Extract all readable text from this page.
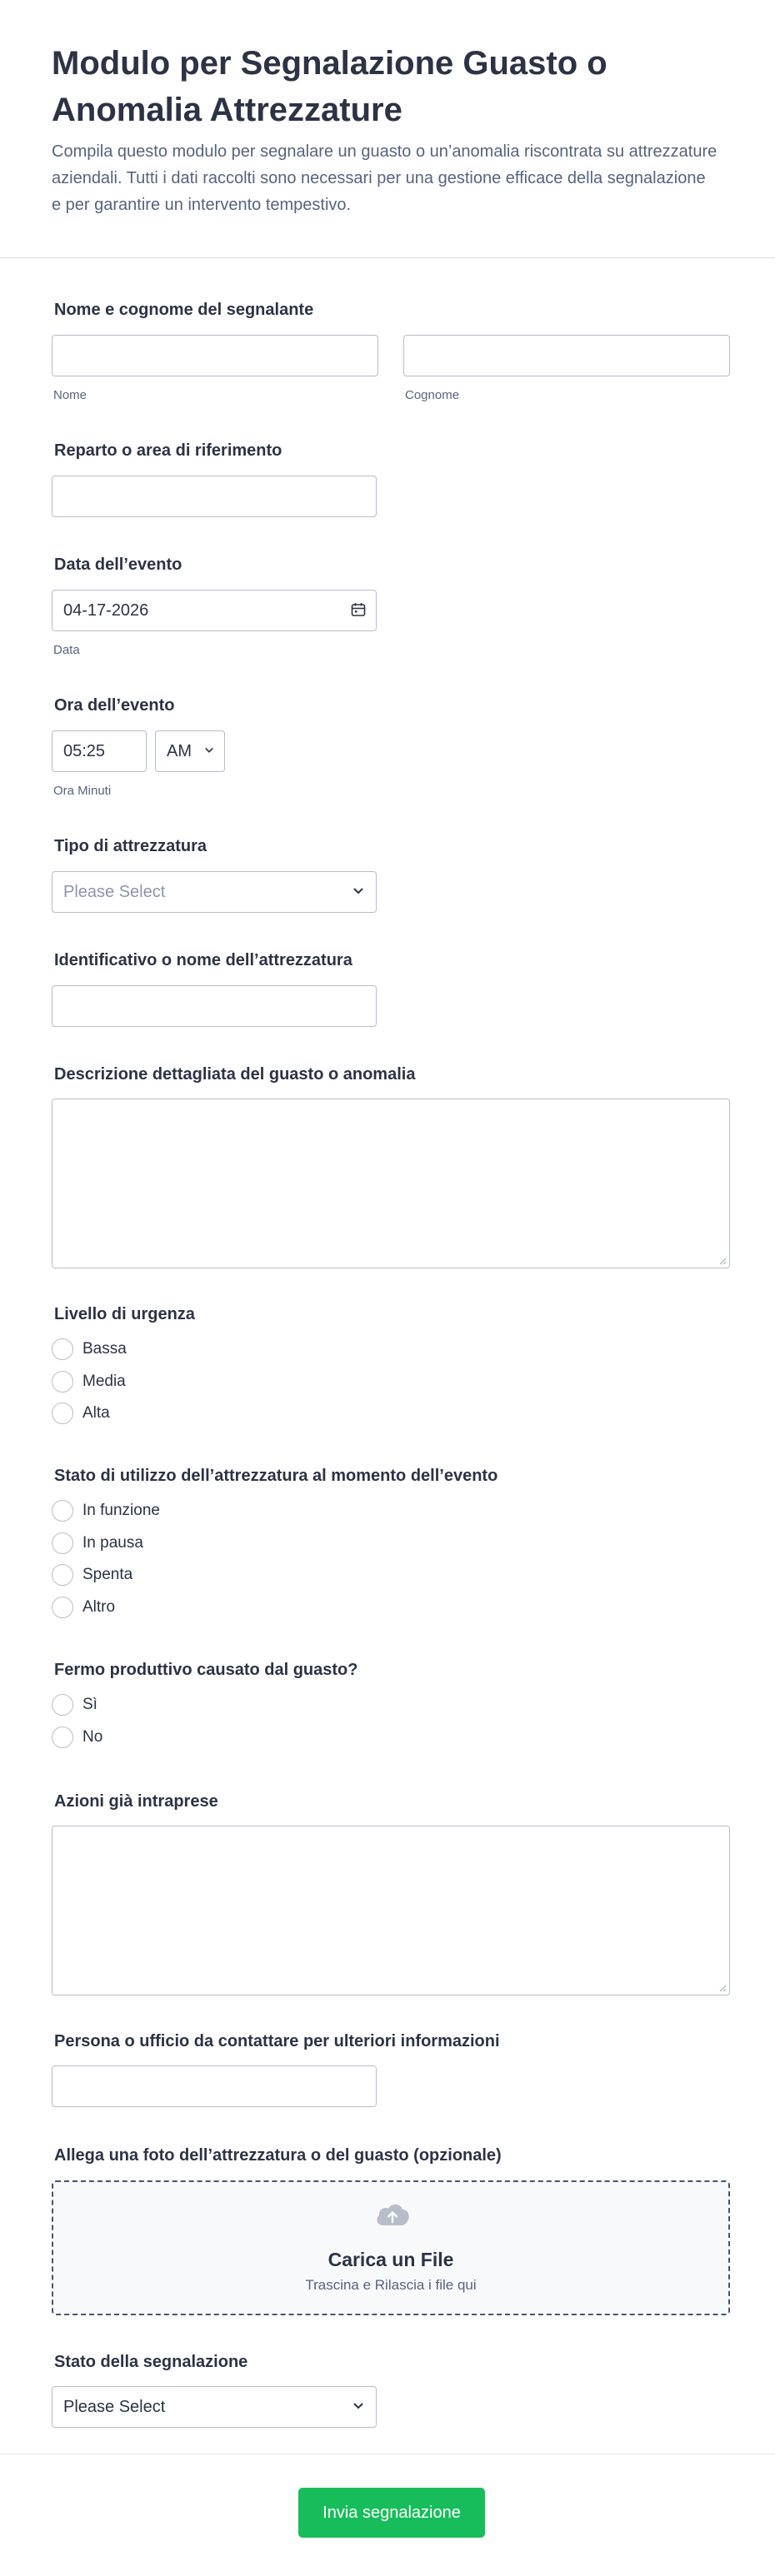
Modulo per Segnalazione Guasto o Anomalia Attrezzature
Compila questo modulo per segnalare un guasto o un’anomalia riscontrata su attrezzature aziendali. Tutti i dati raccolti sono necessari per una gestione efficace della segnalazione e per garantire un intervento tempestivo.
Nome e cognome del segnalante
Nome	Cognome
Reparto o area di riferimento
Data dell’evento
04-17-2026
Data
Ora dell’evento
05:25	AM
Ora Minuti
Tipo di attrezzatura
Please Select
Identificativo o nome dell’attrezzatura
Descrizione dettagliata del guasto o anomalia
Livello di urgenza
Bassa
Media
Alta
Stato di utilizzo dell’attrezzatura al momento dell’evento
In funzione
In pausa
Spenta
Altro
Fermo produttivo causato dal guasto?
Sì
No
Azioni già intraprese
Persona o ufficio da contattare per ulteriori informazioni
Allega una foto dell’attrezzatura o del guasto (opzionale)
Carica un File
Trascina e Rilascia i file qui
Stato della segnalazione
Please Select
Invia segnalazione
